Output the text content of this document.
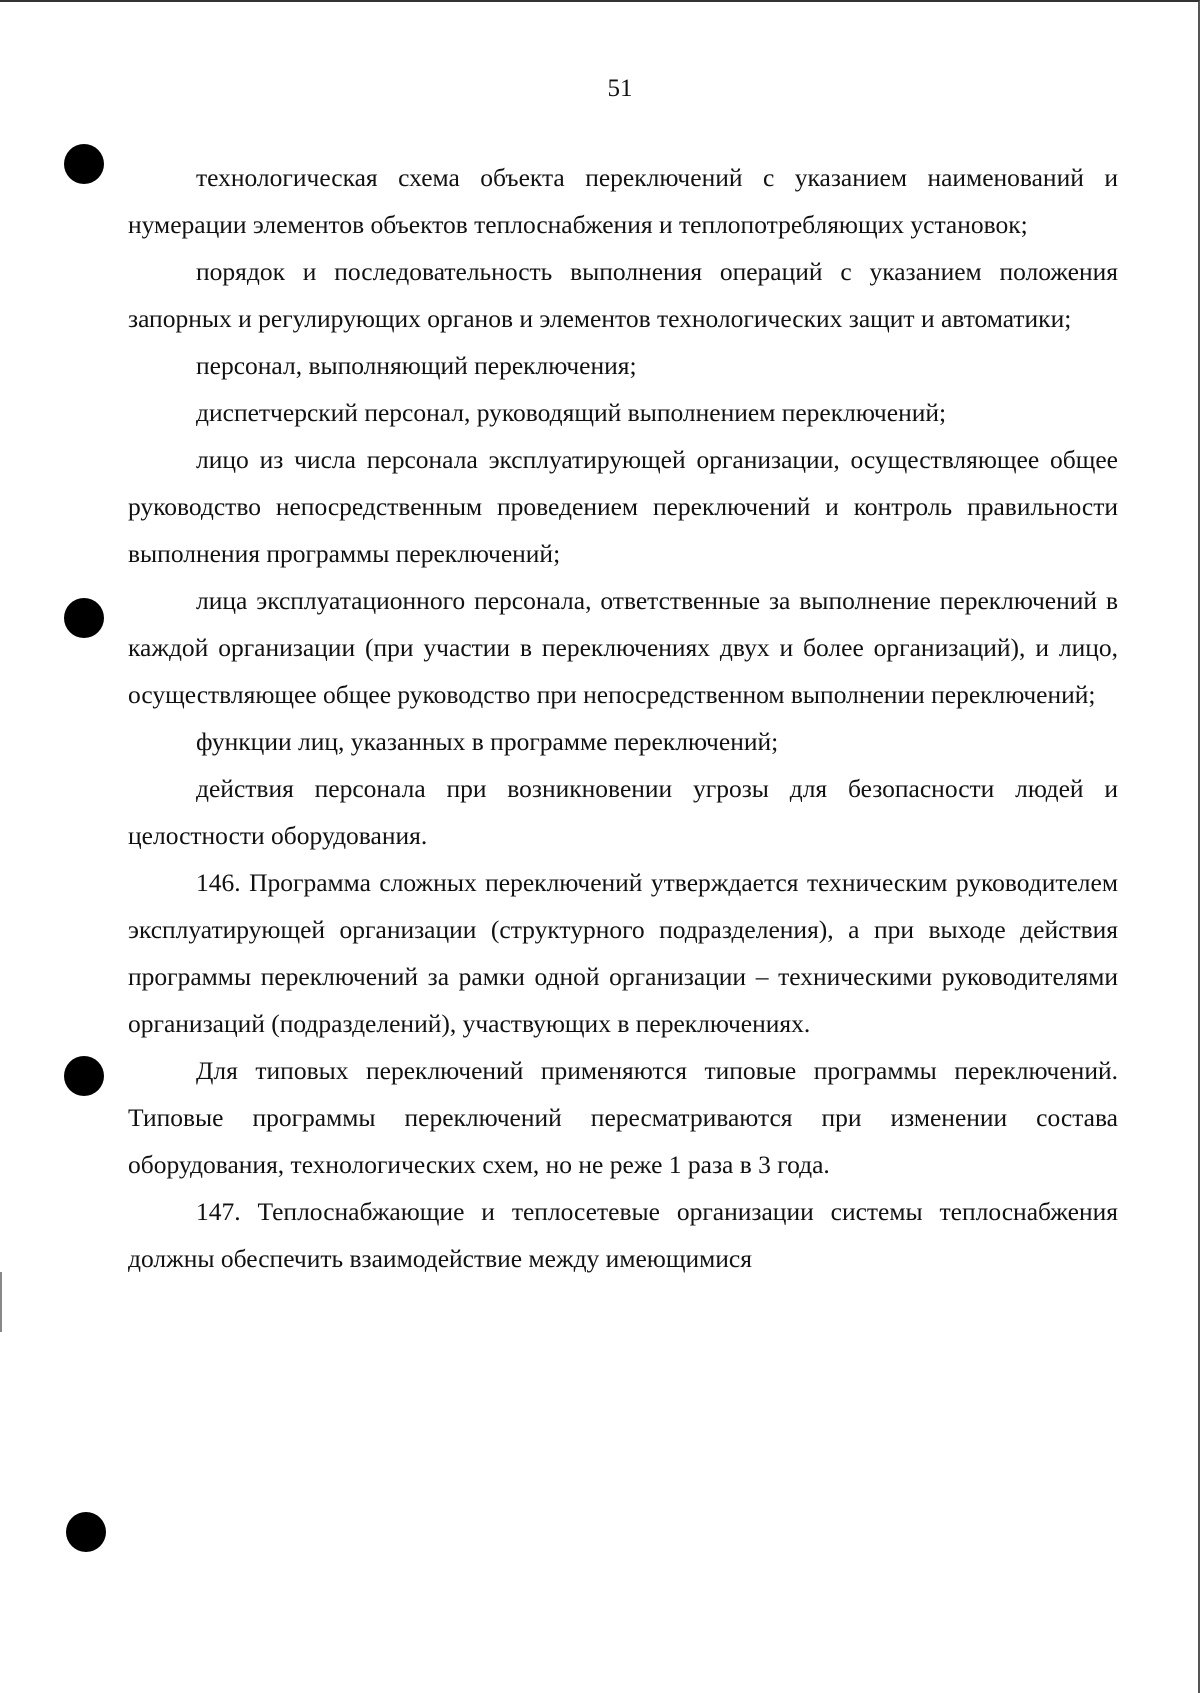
51

технологическая схема объекта переключений с указанием наименований и нумерации элементов объектов теплоснабжения и теплопотребляющих установок;

порядок и последовательность выполнения операций с указанием положения запорных и регулирующих органов и элементов технологических защит и автоматики;

персонал, выполняющий переключения;

диспетчерский персонал, руководящий выполнением переключений;

лицо из числа персонала эксплуатирующей организации, осуществляющее общее руководство непосредственным проведением переключений и контроль правильности выполнения программы переключений;

лица эксплуатационного персонала, ответственные за выполнение переключений в каждой организации (при участии в переключениях двух и более организаций), и лицо, осуществляющее общее руководство при непосредственном выполнении переключений;

функции лиц, указанных в программе переключений;

действия персонала при возникновении угрозы для безопасности людей и целостности оборудования.

146. Программа сложных переключений утверждается техническим руководителем эксплуатирующей организации (структурного подразделения), а при выходе действия программы переключений за рамки одной организации – техническими руководителями организаций (подразделений), участвующих в переключениях.

Для типовых переключений применяются типовые программы переключений. Типовые программы переключений пересматриваются при изменении состава оборудования, технологических схем, но не реже 1 раза в 3 года.

147. Теплоснабжающие и теплосетевые организации системы теплоснабжения должны обеспечить взаимодействие между имеющимися
